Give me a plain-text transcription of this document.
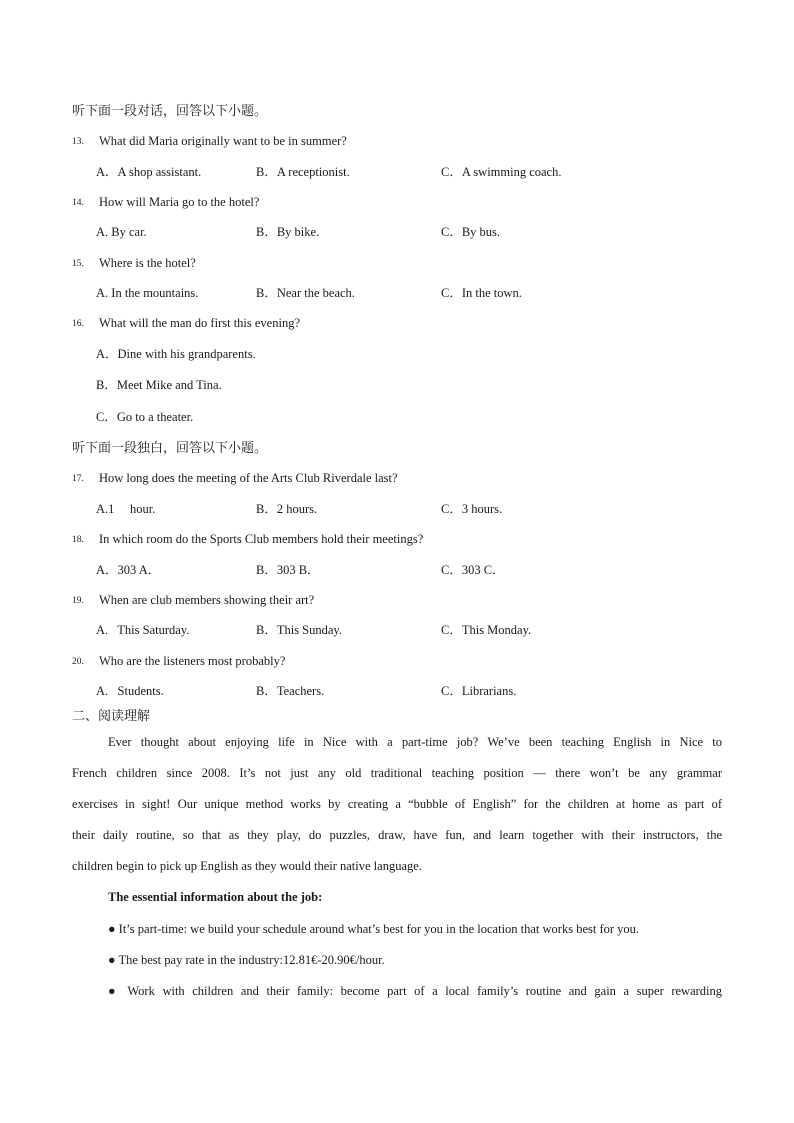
听下面一段对话，回答以下小题。
13. What did Maria originally want to be in summer?
A．A shop assistant.	B．A receptionist.	C．A swimming coach.
14. How will Maria go to the hotel?
A. By car.	B．By bike.	C．By bus.
15. Where is the hotel?
A. In the mountains.	B．Near the beach.	C．In the town.
16. What will the man do first this evening?
A．Dine with his grandparents.
B．Meet Mike and Tina.
C．Go to a theater.
听下面一段独白，回答以下小题。
17. How long does the meeting of the Arts Club Riverdale last?
A.1     hour.	B．2 hours.	C．3 hours.
18. In which room do the Sports Club members hold their meetings?
A．303 A．	B．303 B．	C．303 C．
19. When are club members showing their art?
A.   This Saturday.	B．This Sunday.	C．This Monday.
20. Who are the listeners most probably?
A.   Students.	B．Teachers.	C．Librarians.
二、阅读理解
Ever thought about enjoying life in Nice with a part-time job? We’ve been teaching English in Nice to
French children since 2008. It’s not just any old traditional teaching position — there won’t be any grammar
exercises in sight! Our unique method works by creating a “bubble of English” for the children at home as part of
their daily routine, so that as they play, do puzzles, draw, have fun, and learn together with their instructors, the
children begin to pick up English as they would their native language.
The essential information about the job:
● It’s part-time: we build your schedule around what’s best for you in the location that works best for you.
● The best pay rate in the industry:12.81€-20.90€/hour.
● Work with children and their family: become part of a local family’s routine and gain a super rewarding
